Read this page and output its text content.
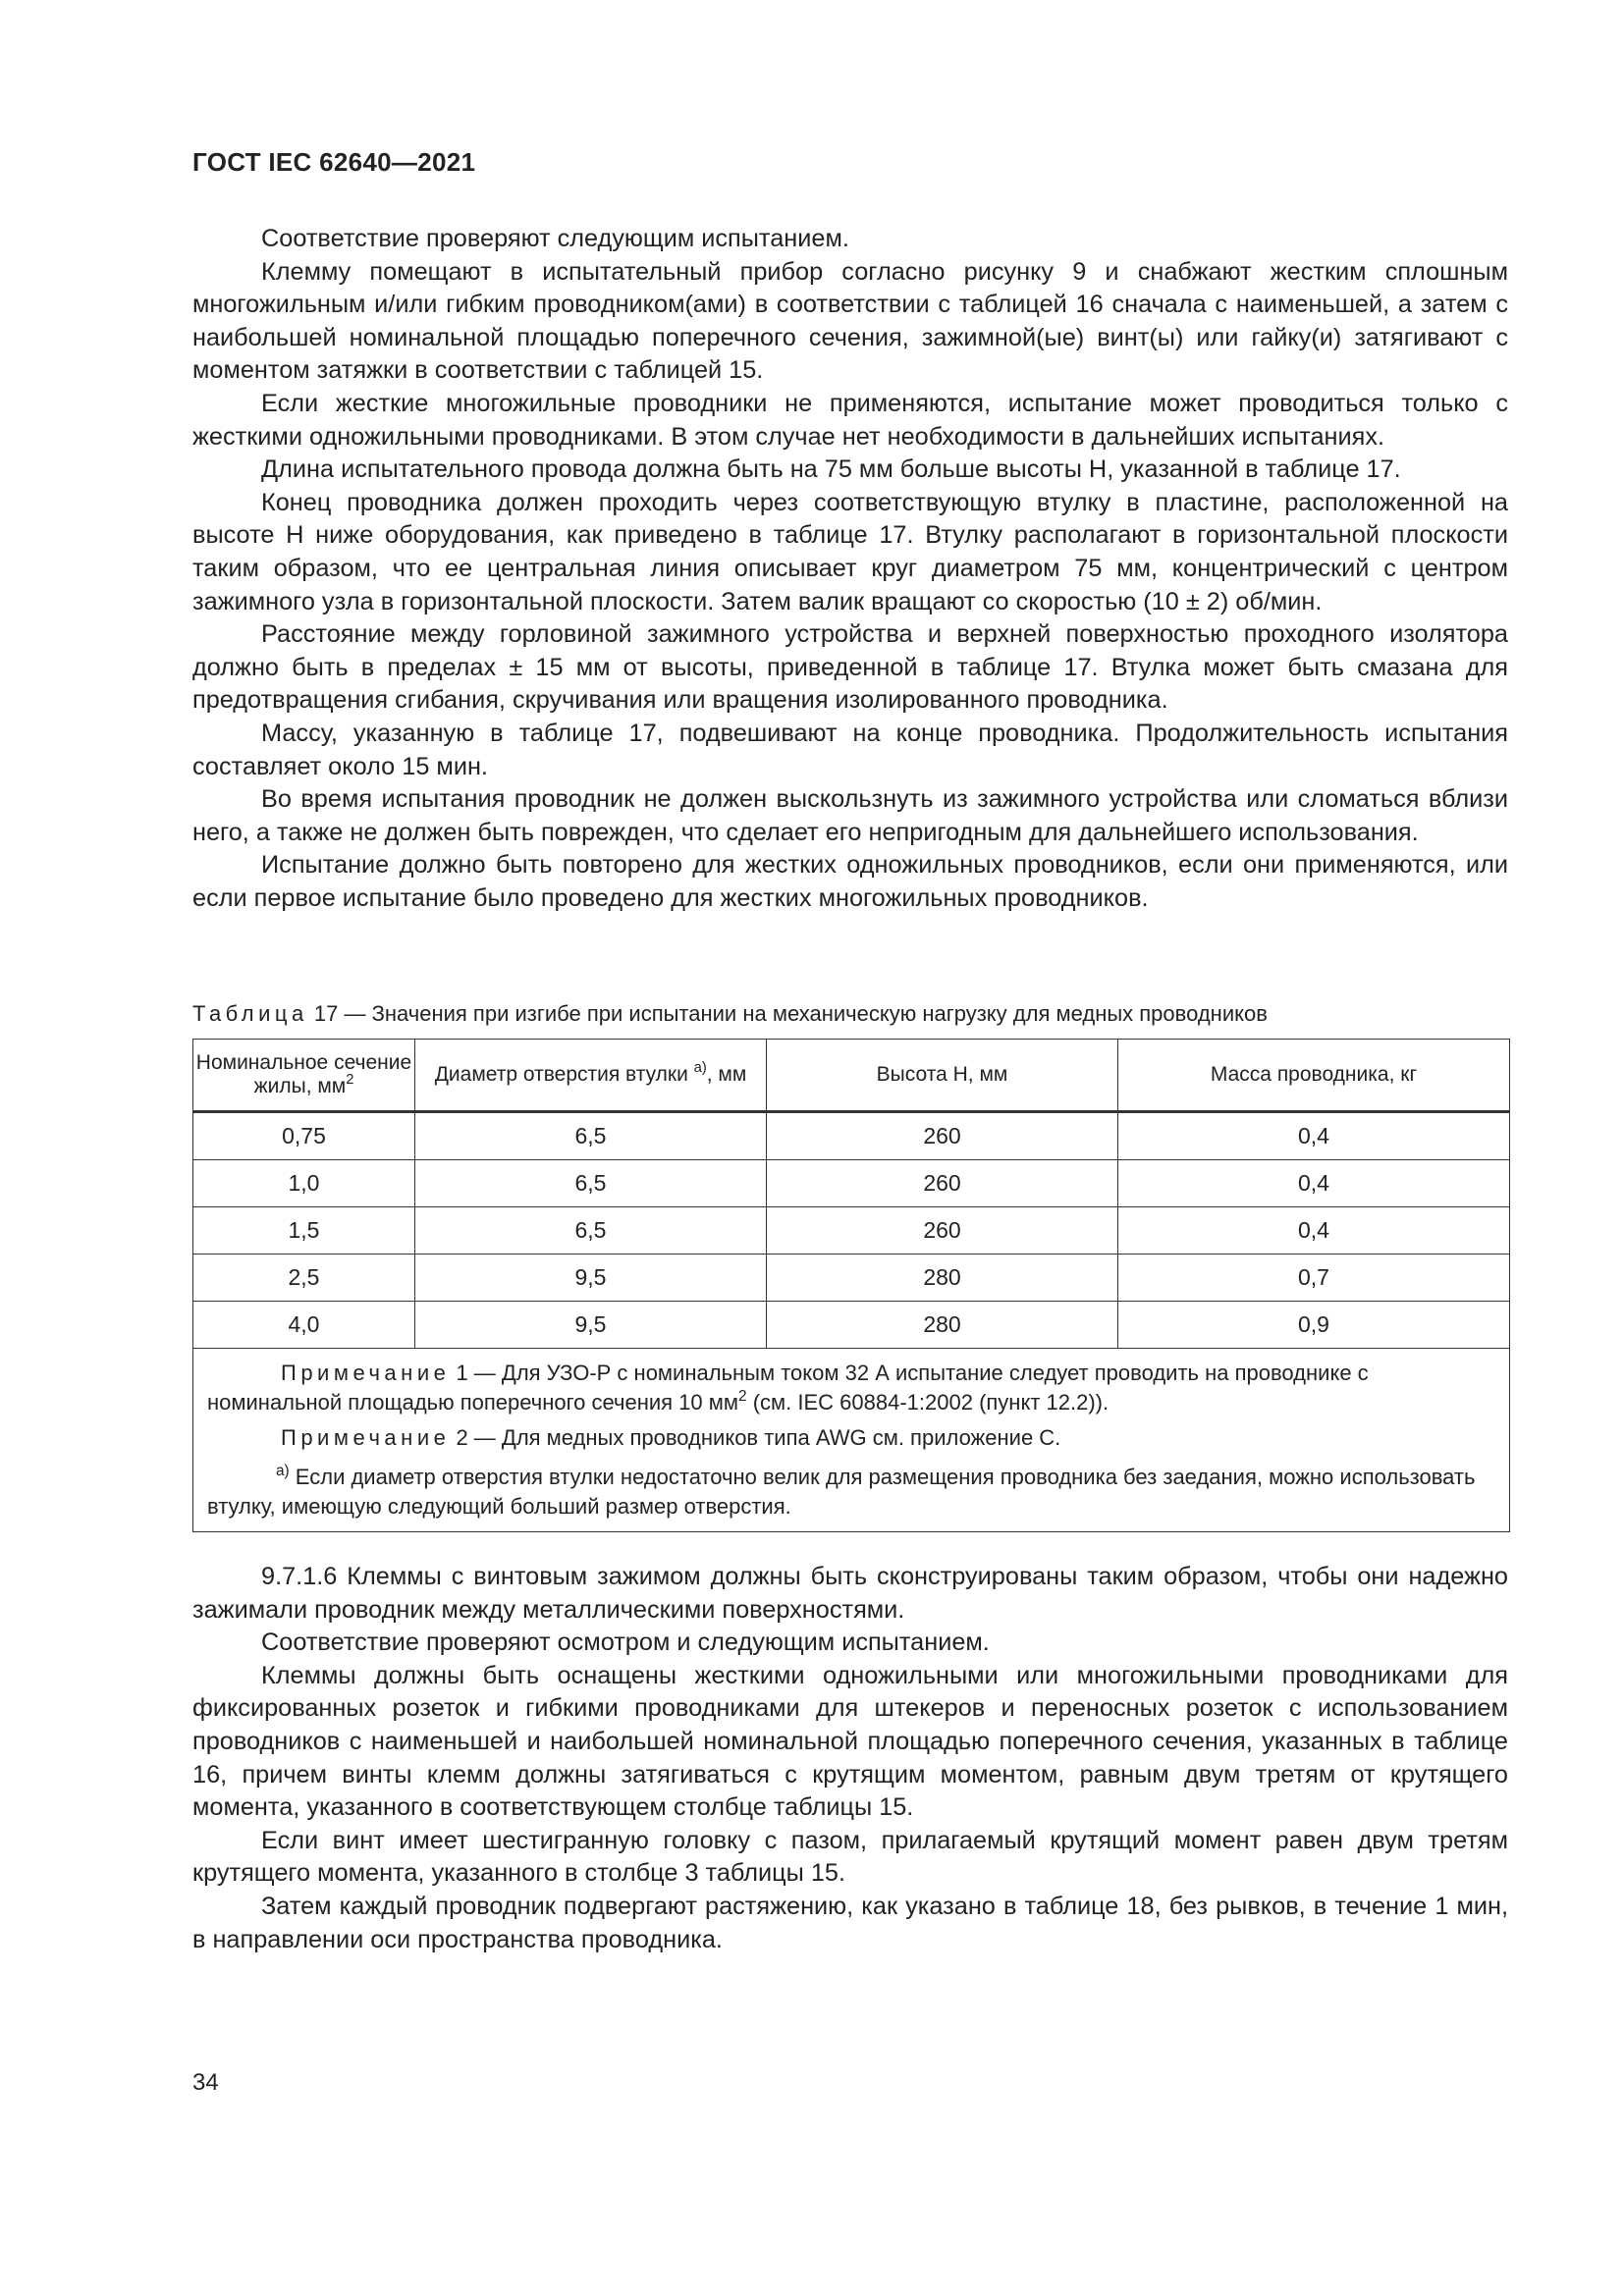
ГОСТ IEC 62640—2021

Соответствие проверяют следующим испытанием.

Клемму помещают в испытательный прибор согласно рисунку 9 и снабжают жестким сплошным многожильным и/или гибким проводником(ами) в соответствии с таблицей 16 сначала с наименьшей, а затем с наибольшей номинальной площадью поперечного сечения, зажимной(ые) винт(ы) или гайку(и) затягивают с моментом затяжки в соответствии с таблицей 15.

Если жесткие многожильные проводники не применяются, испытание может проводиться только с жесткими одножильными проводниками. В этом случае нет необходимости в дальнейших испытаниях.

Длина испытательного провода должна быть на 75 мм больше высоты H, указанной в таблице 17.

Конец проводника должен проходить через соответствующую втулку в пластине, расположенной на высоте H ниже оборудования, как приведено в таблице 17. Втулку располагают в горизонтальной плоскости таким образом, что ее центральная линия описывает круг диаметром 75 мм, концентрический с центром зажимного узла в горизонтальной плоскости. Затем валик вращают со скоростью (10 ± 2) об/мин.

Расстояние между горловиной зажимного устройства и верхней поверхностью проходного изолятора должно быть в пределах ± 15 мм от высоты, приведенной в таблице 17. Втулка может быть смазана для предотвращения сгибания, скручивания или вращения изолированного проводника.

Массу, указанную в таблице 17, подвешивают на конце проводника. Продолжительность испытания составляет около 15 мин.

Во время испытания проводник не должен выскользнуть из зажимного устройства или сломаться вблизи него, а также не должен быть поврежден, что сделает его непригодным для дальнейшего использования.

Испытание должно быть повторено для жестких одножильных проводников, если они применяются, или если первое испытание было проведено для жестких многожильных проводников.

Таблица 17 — Значения при изгибе при испытании на механическую нагрузку для медных проводников
Номинальное сечение жилы, $мм^2$	Диаметр отверстия втулки $^{а)}$, мм	Высота H, мм	Масса проводника, кг
0,75	6,5	260	0,4
1,0	6,5	260	0,4
1,5	6,5	260	0,4
2,5	9,5	280	0,7
4,0	9,5	280	0,9

Примечание 1 — Для УЗО-Р с номинальным током 32 А испытание следует проводить на проводнике с номинальной площадью поперечного сечения 10 $мм^2$ (см. IEC 60884-1:2002 (пункт 12.2)).
Примечание 2 — Для медных проводников типа AWG см. приложение С.
$^{а)}$ Если диаметр отверстия втулки недостаточно велик для размещения проводника без заедания, можно использовать втулку, имеющую следующий больший размер отверстия.			

9.7.1.6 Клеммы с винтовым зажимом должны быть сконструированы таким образом, чтобы они надежно зажимали проводник между металлическими поверхностями.

Соответствие проверяют осмотром и следующим испытанием.

Клеммы должны быть оснащены жесткими одножильными или многожильными проводниками для фиксированных розеток и гибкими проводниками для штекеров и переносных розеток с использованием проводников с наименьшей и наибольшей номинальной площадью поперечного сечения, указанных в таблице 16, причем винты клемм должны затягиваться с крутящим моментом, равным двум третям от крутящего момента, указанного в соответствующем столбце таблицы 15.

Если винт имеет шестигранную головку с пазом, прилагаемый крутящий момент равен двум третям крутящего момента, указанного в столбце 3 таблицы 15.

Затем каждый проводник подвергают растяжению, как указано в таблице 18, без рывков, в течение 1 мин, в направлении оси пространства проводника.

34
